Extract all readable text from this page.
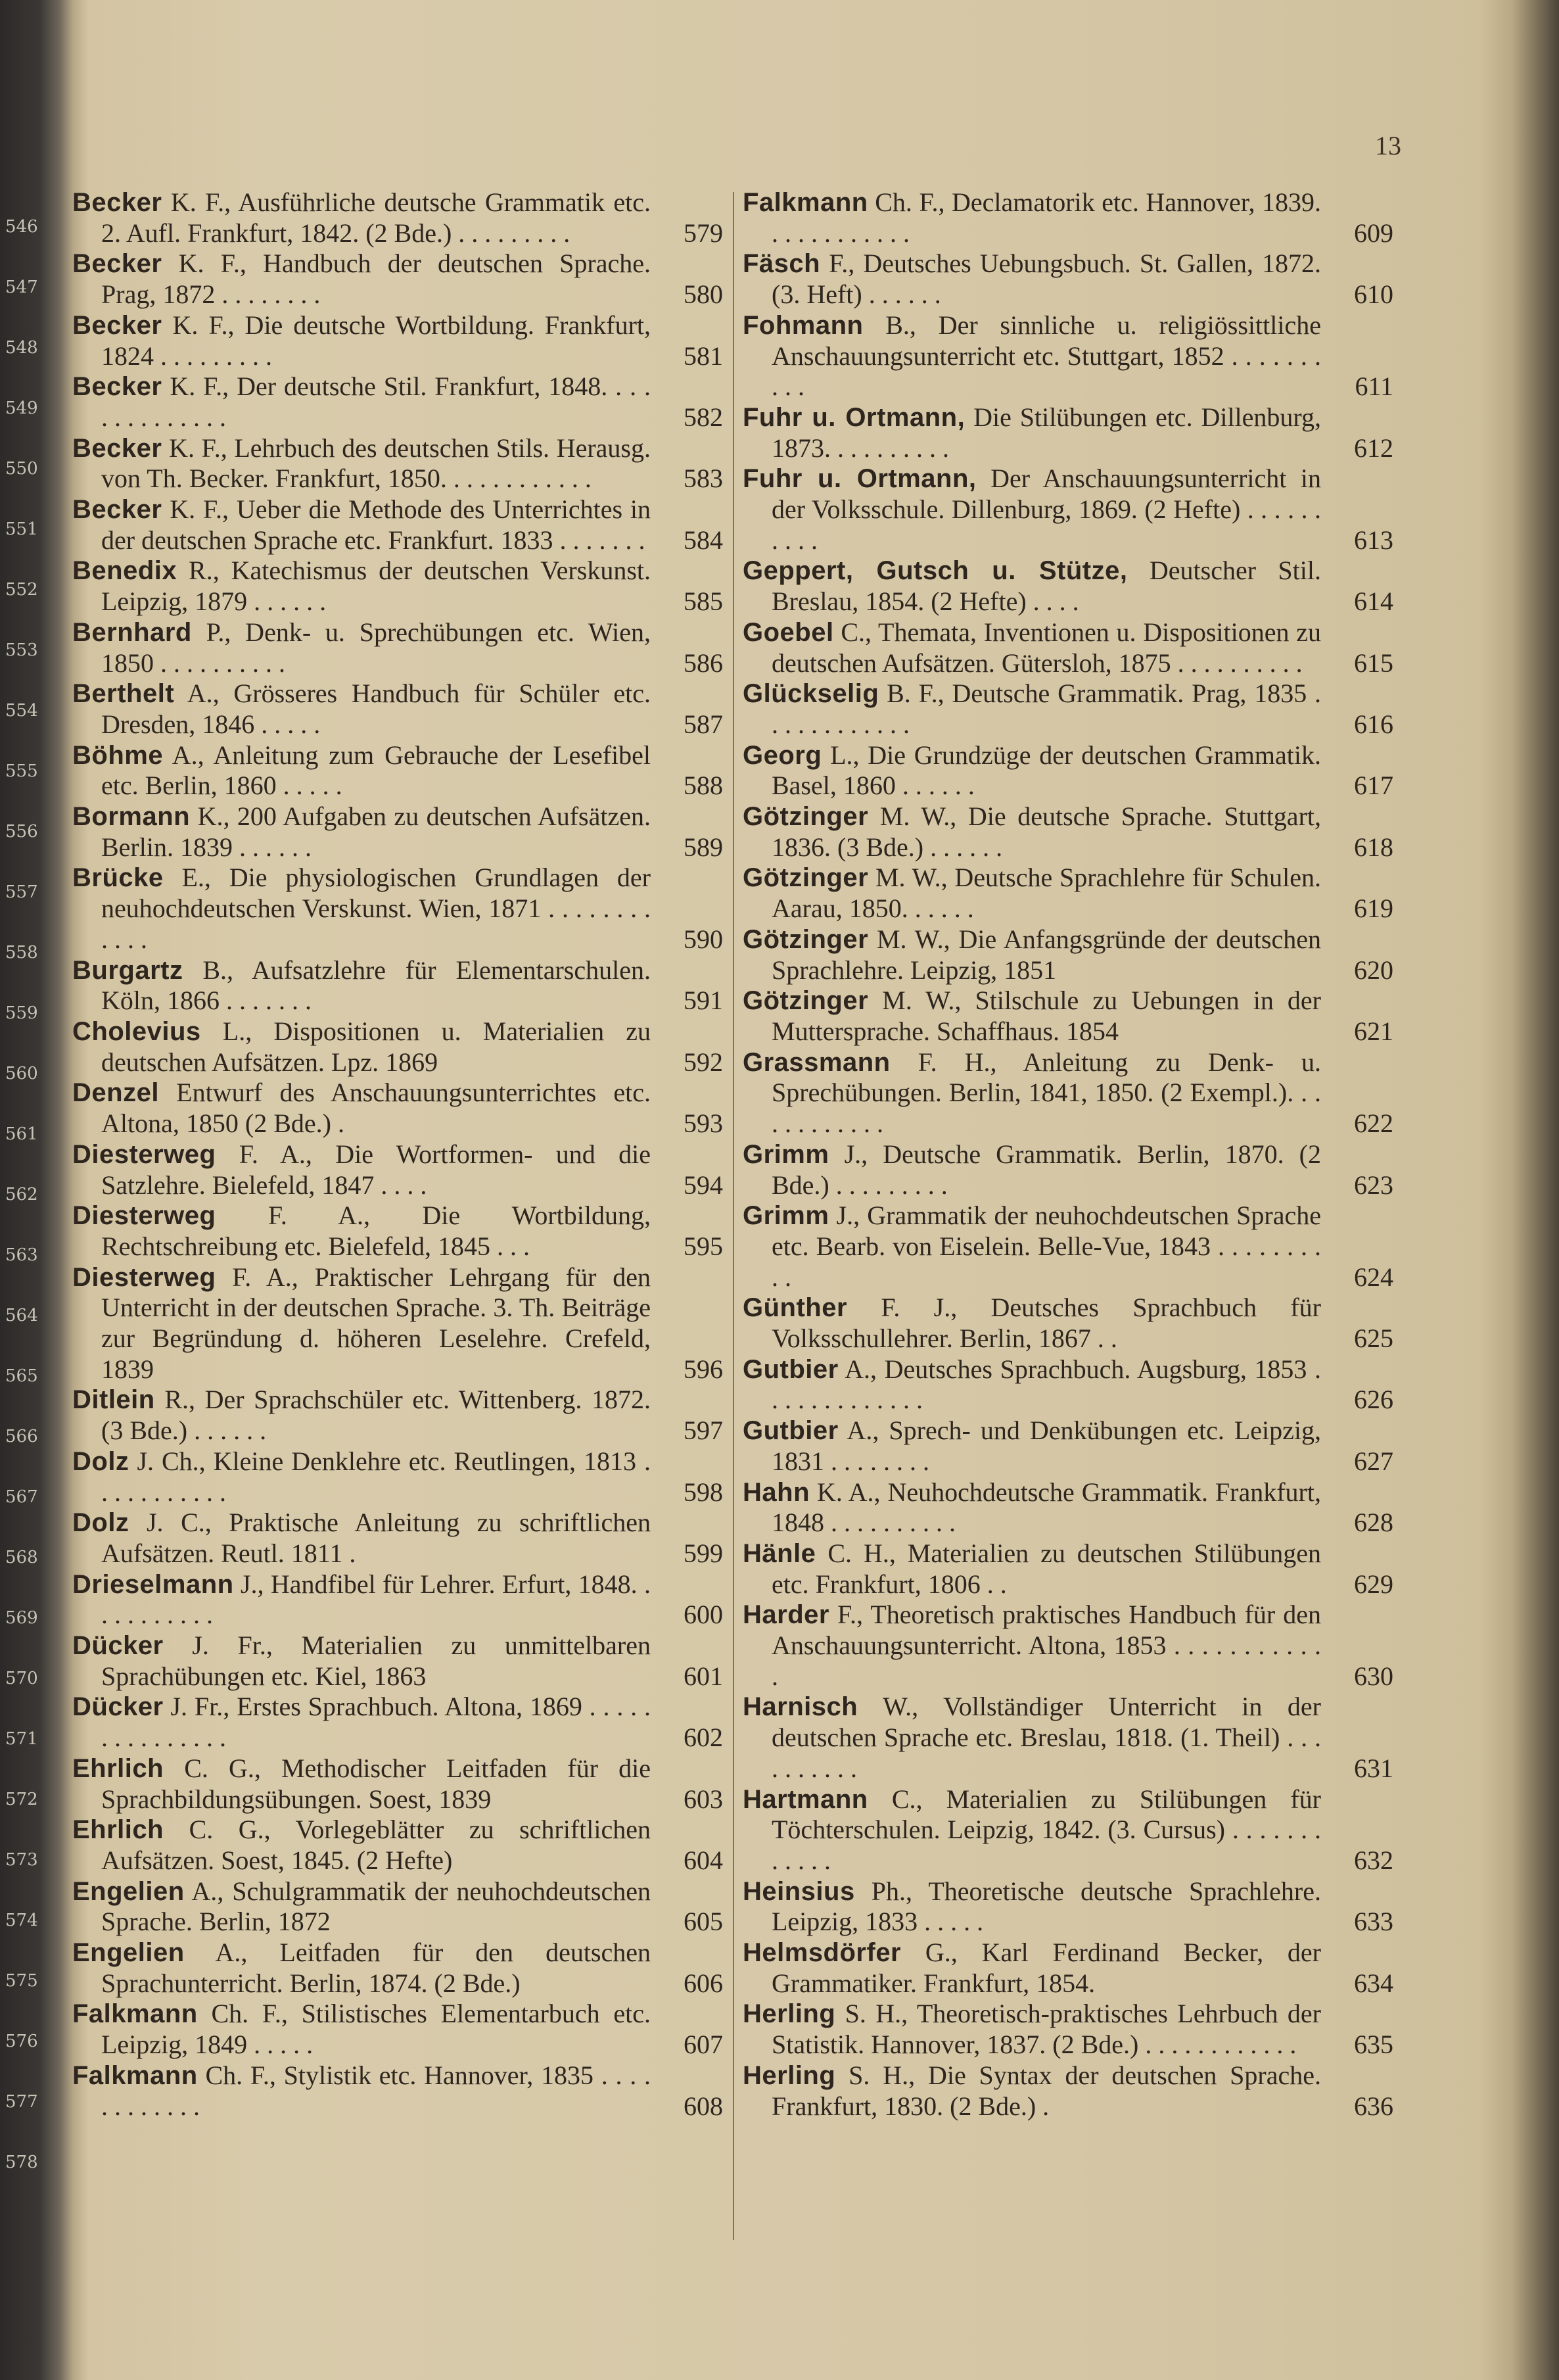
546
547
548
549
550
551
552
553
554
555
556
557
558
559
560
561
562
563
564
565
566
567
568
569
570
571
572
573
574
575
576
577
578
13
Becker K. F., Ausführliche deutsche Grammatik etc. 2. Aufl. Frankfurt, 1842. (2 Bde.) . . . . . . . . .	579
Becker K. F., Handbuch der deutschen Sprache. Prag, 1872 . . . . . . . .	580
Becker K. F., Die deutsche Wortbildung. Frankfurt, 1824 . . . . . . . . .	581
Becker K. F., Der deutsche Stil. Frankfurt, 1848. . . . . . . . . . . . . .	582
Becker K. F., Lehrbuch des deutschen Stils. Herausg. von Th. Becker. Frankfurt, 1850. . . . . . . . . . . .	583
Becker K. F., Ueber die Methode des Unterrichtes in der deutschen Sprache etc. Frankfurt. 1833 . . . . . . . 584
Benedix R., Katechismus der deutschen Verskunst. Leipzig, 1879 . . . . . .	585
Bernhard P., Denk- u. Sprechübungen etc. Wien, 1850 . . . . . . . . . .	586
Berthelt A., Grösseres Handbuch für Schüler etc. Dresden, 1846 . . . . .	587
Böhme A., Anleitung zum Gebrauche der Lesefibel etc. Berlin, 1860 . . . . .	588
Bormann K., 200 Aufgaben zu deutschen Aufsätzen. Berlin. 1839 . . . . . .	589
Brücke E., Die physiologischen Grundlagen der neuhochdeutschen Verskunst. Wien, 1871 . . . . . . . . . . . .	590
Burgartz B., Aufsatzlehre für Elementarschulen. Köln, 1866 . . . . . . .	591
Cholevius L., Dispositionen u. Materialien zu deutschen Aufsätzen. Lpz. 1869	592
Denzel Entwurf des Anschauungsunterrichtes etc. Altona, 1850 (2 Bde.) .	593
Diesterweg F. A., Die Wortformen- und die Satzlehre. Bielefeld, 1847 . . . .	594
Diesterweg F. A., Die Wortbildung, Rechtschreibung etc. Bielefeld, 1845 . . .	595
Diesterweg F. A., Praktischer Lehrgang für den Unterricht in der deutschen Sprache. 3. Th. Beiträge zur Begründung d. höheren Leselehre. Crefeld, 1839	596
Ditlein R., Der Sprachschüler etc. Wittenberg. 1872. (3 Bde.) . . . . . .	597
Dolz J. Ch., Kleine Denklehre etc. Reutlingen, 1813 . . . . . . . . . . .	598
Dolz J. C., Praktische Anleitung zu schriftlichen Aufsätzen. Reutl. 1811 .	599
Drieselmann J., Handfibel für Lehrer. Erfurt, 1848. . . . . . . . . . .	600
Dücker J. Fr., Materialien zu unmittelbaren Sprachübungen etc. Kiel, 1863	601
Dücker J. Fr., Erstes Sprachbuch. Altona, 1869 . . . . . . . . . . . . . . .	602
Ehrlich C. G., Methodischer Leitfaden für die Sprachbildungsübungen. Soest, 1839	603
Ehrlich C. G., Vorlegeblätter zu schriftlichen Aufsätzen. Soest, 1845. (2 Hefte)	604
Engelien A., Schulgrammatik der neuhochdeutschen Sprache. Berlin, 1872	605
Engelien A., Leitfaden für den deutschen Sprachunterricht. Berlin, 1874. (2 Bde.)	606
Falkmann Ch. F., Stilistisches Elementarbuch etc. Leipzig, 1849 . . . . .	607
Falkmann Ch. F., Stylistik etc. Hannover, 1835 . . . . . . . . . . . .	608
Falkmann Ch. F., Declamatorik etc. Hannover, 1839. . . . . . . . . . . .	609
Fäsch F., Deutsches Uebungsbuch. St. Gallen, 1872. (3. Heft) . . . . . .	610
Fohmann B., Der sinnliche u. religiössittliche Anschauungsunterricht etc. Stuttgart, 1852 . . . . . . . . . .	611
Fuhr u. Ortmann, Die Stilübungen etc. Dillenburg, 1873. . . . . . . . . .	612
Fuhr u. Ortmann, Der Anschauungsunterricht in der Volksschule. Dillenburg, 1869. (2 Hefte) . . . . . . . . . .	613
Geppert, Gutsch u. Stütze, Deutscher Stil. Breslau, 1854. (2 Hefte) . . . .	614
Goebel C., Themata, Inventionen u. Dispositionen zu deutschen Aufsätzen. Gütersloh, 1875 . . . . . . . . . . 615
Glückselig B. F., Deutsche Grammatik. Prag, 1835 . . . . . . . . . . . .	616
Georg L., Die Grundzüge der deutschen Grammatik. Basel, 1860 . . . . . .	617
Götzinger M. W., Die deutsche Sprache. Stuttgart, 1836. (3 Bde.) . . . . . .	618
Götzinger M. W., Deutsche Sprachlehre für Schulen. Aarau, 1850. . . . . .	619
Götzinger M. W., Die Anfangsgründe der deutschen Sprachlehre. Leipzig, 1851	620
Götzinger M. W., Stilschule zu Uebungen in der Muttersprache. Schaffhaus. 1854	621
Grassmann F. H., Anleitung zu Denk- u. Sprechübungen. Berlin, 1841, 1850. (2 Exempl.). . . . . . . . . . . .	622
Grimm J., Deutsche Grammatik. Berlin, 1870. (2 Bde.) . . . . . . . . .	623
Grimm J., Grammatik der neuhochdeutschen Sprache etc. Bearb. von Eiselein. Belle-Vue, 1843 . . . . . . . . . .	624
Günther F. J., Deutsches Sprachbuch für Volksschullehrer. Berlin, 1867 . .	625
Gutbier A., Deutsches Sprachbuch. Augsburg, 1853 . . . . . . . . . . . . .	626
Gutbier A., Sprech- und Denkübungen etc. Leipzig, 1831 . . . . . . . .	627
Hahn K. A., Neuhochdeutsche Grammatik. Frankfurt, 1848 . . . . . . . . . .	628
Hänle C. H., Materialien zu deutschen Stilübungen etc. Frankfurt, 1806 . .	629
Harder F., Theoretisch praktisches Handbuch für den Anschauungsunterricht. Altona, 1853 . . . . . . . . . . . .	630
Harnisch W., Vollständiger Unterricht in der deutschen Sprache etc. Breslau, 1818. (1. Theil) . . . . . . . . . .	631
Hartmann C., Materialien zu Stilübungen für Töchterschulen. Leipzig, 1842. (3. Cursus) . . . . . . . . . . . .	632
Heinsius Ph., Theoretische deutsche Sprachlehre. Leipzig, 1833 . . . . .	633
Helmsdörfer G., Karl Ferdinand Becker, der Grammatiker. Frankfurt, 1854.	634
Herling S. H., Theoretisch-praktisches Lehrbuch der Statistik. Hannover, 1837. (2 Bde.) . . . . . . . . . . . . 635
Herling S. H., Die Syntax der deutschen Sprache. Frankfurt, 1830. (2 Bde.) .	636
